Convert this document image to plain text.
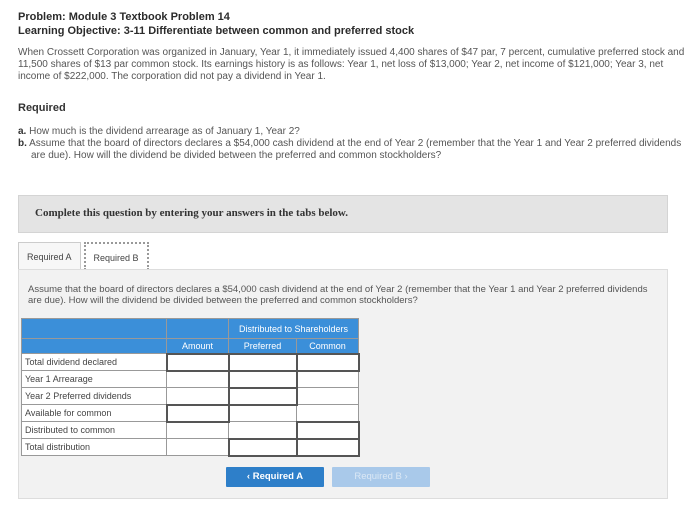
Problem: Module 3 Textbook Problem 14
Learning Objective: 3-11 Differentiate between common and preferred stock
When Crossett Corporation was organized in January, Year 1, it immediately issued 4,400 shares of $47 par, 7 percent, cumulative preferred stock and 11,500 shares of $13 par common stock. Its earnings history is as follows: Year 1, net loss of $13,000; Year 2, net income of $121,000; Year 3, net income of $222,000. The corporation did not pay a dividend in Year 1.
Required
a. How much is the dividend arrearage as of January 1, Year 2?
b. Assume that the board of directors declares a $54,000 cash dividend at the end of Year 2 (remember that the Year 1 and Year 2 preferred dividends are due). How will the dividend be divided between the preferred and common stockholders?
Complete this question by entering your answers in the tabs below.
Required A	Required B
Assume that the board of directors declares a $54,000 cash dividend at the end of Year 2 (remember that the Year 1 and Year 2 preferred dividends are due). How will the dividend be divided between the preferred and common stockholders?
		Distributed to Shareholders	
	Amount	Preferred	Common
Total dividend declared			
Year 1 Arrearage			
Year 2 Preferred dividends			
Available for common			
Distributed to common			
Total distribution			
‹ Required A	Required B ›
